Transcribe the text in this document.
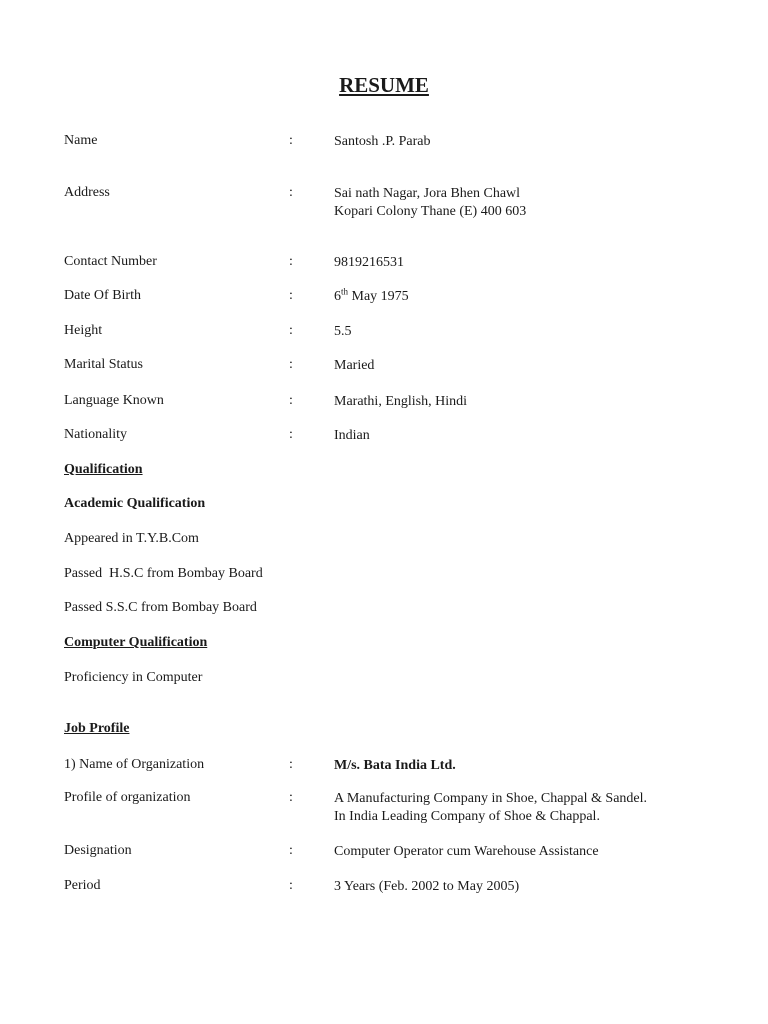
RESUME
Name	:	Santosh .P. Parab
Address	:	Sai nath Nagar, Jora Bhen Chawl
Kopari Colony Thane (E) 400 603
Contact Number	:	9819216531
Date Of Birth	:	6th May 1975
Height	:	5.5
Marital Status	:	Maried
Language Known	:	Marathi, English, Hindi
Nationality	:	Indian
Qualification
Academic Qualification
Appeared in T.Y.B.Com
Passed  H.S.C from Bombay Board
Passed S.S.C from Bombay Board
Computer Qualification
Proficiency in Computer
Job Profile
1) Name of Organization	:	M/s. Bata India Ltd.
Profile of organization	:	A Manufacturing Company in Shoe, Chappal & Sandel.
In India Leading Company of Shoe & Chappal.
Designation	:	Computer Operator cum Warehouse Assistance
Period	:	3 Years (Feb. 2002 to May 2005)
